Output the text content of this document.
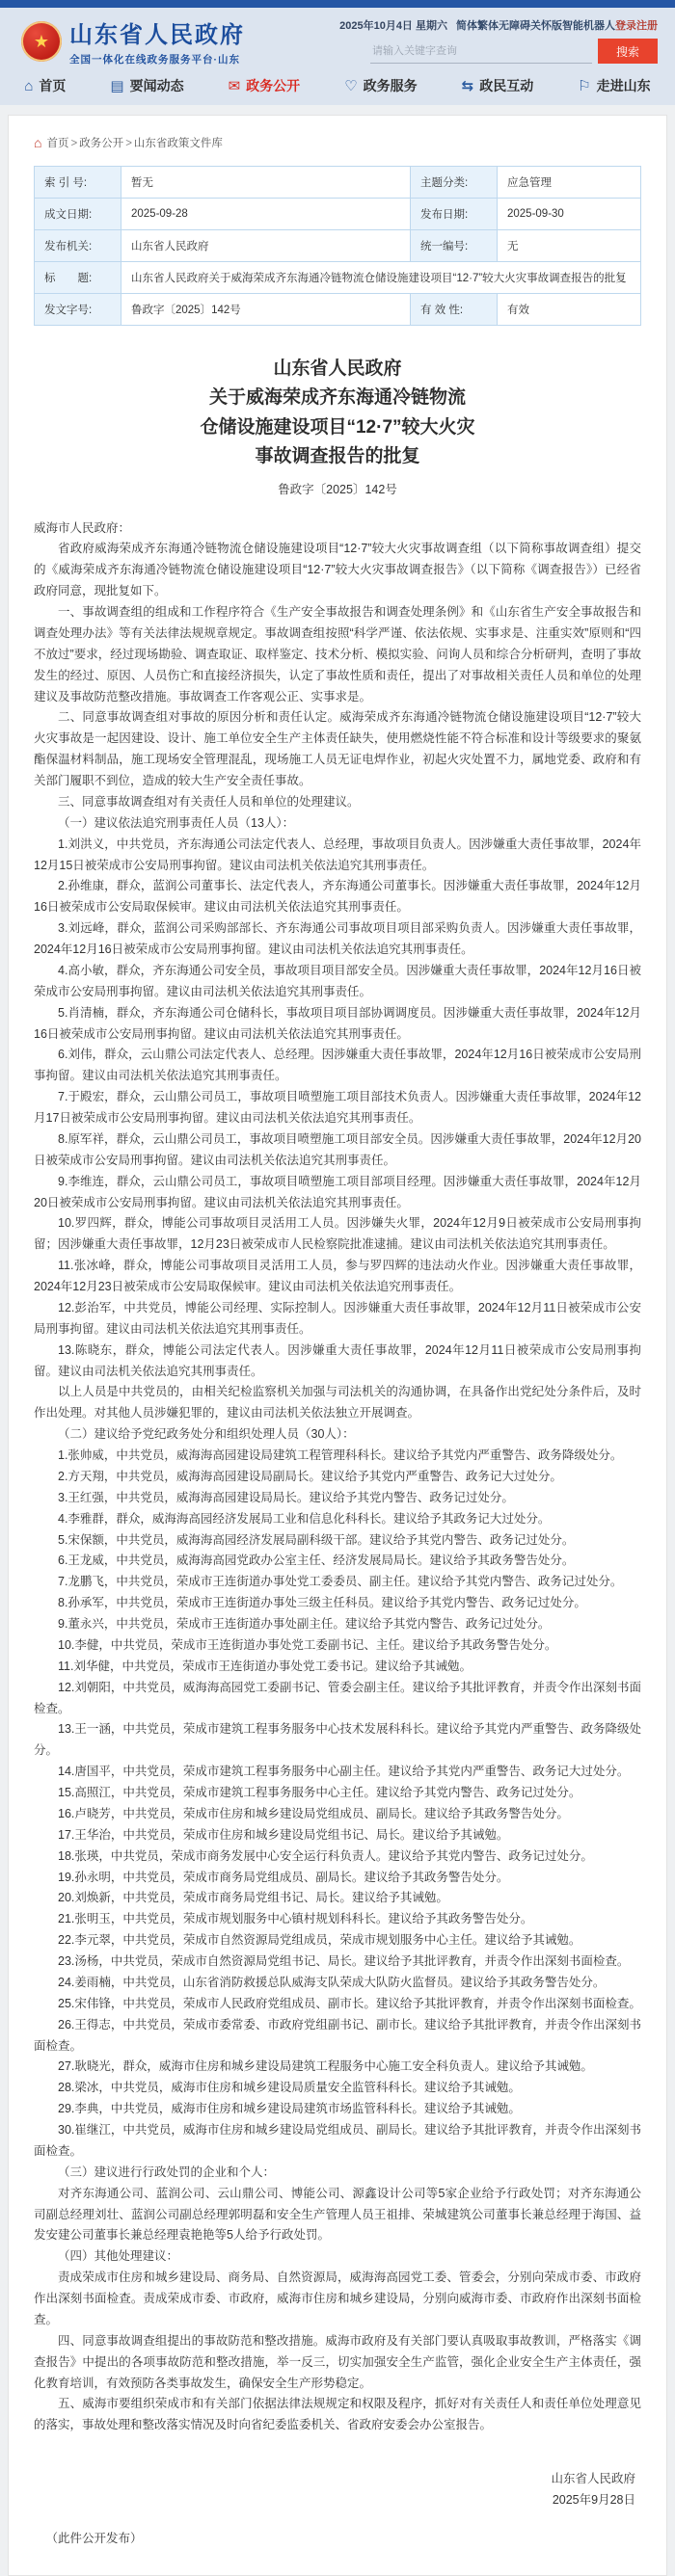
★ 山东省人民政府
全国一体化在线政务服务平台·山东
2025年10月4日 星期六 简体繁体无障碍关怀版智能机器人登录注册
请输入关键字查询
搜索
⌂ 首页	▤ 要闻动态	✉ 政务公开	♡ 政务服务	⇆ 政民互动	⚐ 走进山东
⌂ 首页 > 政务公开 > 山东省政策文件库
索 引 号:	暂无	主题分类:	应急管理
成文日期:	2025-09-28	发布日期:	2025-09-30
发布机关:	山东省人民政府	统一编号:	无
标　　题:	山东省人民政府关于威海荣成齐东海通冷链物流仓储设施建设项目“12·7”较大火灾事故调查报告的批复		
发文字号:	鲁政字〔2025〕142号	有 效 性:	有效
山东省人民政府
关于威海荣成齐东海通冷链物流
仓储设施建设项目“12·7”较大火灾
事故调查报告的批复
鲁政字〔2025〕142号

威海市人民政府：

省政府威海荣成齐东海通冷链物流仓储设施建设项目“12·7”较大火灾事故调查组（以下简称事故调查组）提交的《威海荣成齐东海通冷链物流仓储设施建设项目“12·7”较大火灾事故调查报告》（以下简称《调查报告》）已经省政府同意，现批复如下。

一、事故调查组的组成和工作程序符合《生产安全事故报告和调查处理条例》和《山东省生产安全事故报告和调查处理办法》等有关法律法规规章规定。事故调查组按照“科学严谨、依法依规、实事求是、注重实效”原则和“四不放过”要求，经过现场勘验、调查取证、取样鉴定、技术分析、模拟实验、问询人员和综合分析研判，查明了事故发生的经过、原因、人员伤亡和直接经济损失，认定了事故性质和责任，提出了对事故相关责任人员和单位的处理建议及事故防范整改措施。事故调查工作客观公正、实事求是。

二、同意事故调查组对事故的原因分析和责任认定。威海荣成齐东海通冷链物流仓储设施建设项目“12·7”较大火灾事故是一起因建设、设计、施工单位安全生产主体责任缺失，使用燃烧性能不符合标准和设计等级要求的聚氨酯保温材料制品，施工现场安全管理混乱，现场施工人员无证电焊作业，初起火灾处置不力，属地党委、政府和有关部门履职不到位，造成的较大生产安全责任事故。

三、同意事故调查组对有关责任人员和单位的处理建议。

（一）建议依法追究刑事责任人员（13人）：

1.刘洪义，中共党员，齐东海通公司法定代表人、总经理，事故项目负责人。因涉嫌重大责任事故罪，2024年12月15日被荣成市公安局刑事拘留。建议由司法机关依法追究其刑事责任。

2.孙维康，群众，蓝润公司董事长、法定代表人，齐东海通公司董事长。因涉嫌重大责任事故罪，2024年12月16日被荣成市公安局取保候审。建议由司法机关依法追究其刑事责任。

3.刘远峰，群众，蓝润公司采购部部长、齐东海通公司事故项目项目部采购负责人。因涉嫌重大责任事故罪，2024年12月16日被荣成市公安局刑事拘留。建议由司法机关依法追究其刑事责任。

4.高小敏，群众，齐东海通公司安全员，事故项目项目部安全员。因涉嫌重大责任事故罪，2024年12月16日被荣成市公安局刑事拘留。建议由司法机关依法追究其刑事责任。

5.肖清楠，群众，齐东海通公司仓储科长，事故项目项目部协调调度员。因涉嫌重大责任事故罪，2024年12月16日被荣成市公安局刑事拘留。建议由司法机关依法追究其刑事责任。

6.刘伟，群众，云山鼎公司法定代表人、总经理。因涉嫌重大责任事故罪，2024年12月16日被荣成市公安局刑事拘留。建议由司法机关依法追究其刑事责任。

7.于殿宏，群众，云山鼎公司员工，事故项目喷塑施工项目部技术负责人。因涉嫌重大责任事故罪，2024年12月17日被荣成市公安局刑事拘留。建议由司法机关依法追究其刑事责任。

8.原军祥，群众，云山鼎公司员工，事故项目喷塑施工项目部安全员。因涉嫌重大责任事故罪，2024年12月20日被荣成市公安局刑事拘留。建议由司法机关依法追究其刑事责任。

9.李维连，群众，云山鼎公司员工，事故项目喷塑施工项目部项目经理。因涉嫌重大责任事故罪，2024年12月20日被荣成市公安局刑事拘留。建议由司法机关依法追究其刑事责任。

10.罗四辉，群众，博能公司事故项目灵活用工人员。因涉嫌失火罪，2024年12月9日被荣成市公安局刑事拘留；因涉嫌重大责任事故罪，12月23日被荣成市人民检察院批准逮捕。建议由司法机关依法追究其刑事责任。

11.张冰峰，群众，博能公司事故项目灵活用工人员，参与罗四辉的违法动火作业。因涉嫌重大责任事故罪，2024年12月23日被荣成市公安局取保候审。建议由司法机关依法追究刑事责任。

12.彭治军，中共党员，博能公司经理、实际控制人。因涉嫌重大责任事故罪，2024年12月11日被荣成市公安局刑事拘留。建议由司法机关依法追究其刑事责任。

13.陈晓东，群众，博能公司法定代表人。因涉嫌重大责任事故罪，2024年12月11日被荣成市公安局刑事拘留。建议由司法机关依法追究其刑事责任。

以上人员是中共党员的，由相关纪检监察机关加强与司法机关的沟通协调，在具备作出党纪处分条件后，及时作出处理。对其他人员涉嫌犯罪的，建议由司法机关依法独立开展调查。

（二）建议给予党纪政务处分和组织处理人员（30人）：

1.张帅威，中共党员，威海海高园建设局建筑工程管理科科长。建议给予其党内严重警告、政务降级处分。

2.方天翔，中共党员，威海海高园建设局副局长。建议给予其党内严重警告、政务记大过处分。

3.王红强，中共党员，威海海高园建设局局长。建议给予其党内警告、政务记过处分。

4.李雅群，群众，威海海高园经济发展局工业和信息化科科长。建议给予其政务记大过处分。

5.宋保额，中共党员，威海海高园经济发展局副科级干部。建议给予其党内警告、政务记过处分。

6.王龙威，中共党员，威海海高园党政办公室主任、经济发展局局长。建议给予其政务警告处分。

7.龙鹏飞，中共党员，荣成市王连街道办事处党工委委员、副主任。建议给予其党内警告、政务记过处分。

8.孙承军，中共党员，荣成市王连街道办事处三级主任科员。建议给予其党内警告、政务记过处分。

9.董永兴，中共党员，荣成市王连街道办事处副主任。建议给予其党内警告、政务记过处分。

10.李健，中共党员，荣成市王连街道办事处党工委副书记、主任。建议给予其政务警告处分。

11.刘华健，中共党员，荣成市王连街道办事处党工委书记。建议给予其诫勉。

12.刘朝阳，中共党员，威海海高园党工委副书记、管委会副主任。建议给予其批评教育，并责令作出深刻书面检查。

13.王一涵，中共党员，荣成市建筑工程事务服务中心技术发展科科长。建议给予其党内严重警告、政务降级处分。

14.唐国平，中共党员，荣成市建筑工程事务服务中心副主任。建议给予其党内严重警告、政务记大过处分。

15.高照江，中共党员，荣成市建筑工程事务服务中心主任。建议给予其党内警告、政务记过处分。

16.卢晓芳，中共党员，荣成市住房和城乡建设局党组成员、副局长。建议给予其政务警告处分。

17.王华治，中共党员，荣成市住房和城乡建设局党组书记、局长。建议给予其诫勉。

18.张瑛，中共党员，荣成市商务发展中心安全运行科负责人。建议给予其党内警告、政务记过处分。

19.孙永明，中共党员，荣成市商务局党组成员、副局长。建议给予其政务警告处分。

20.刘焕新，中共党员，荣成市商务局党组书记、局长。建议给予其诫勉。

21.张明玉，中共党员，荣成市规划服务中心镇村规划科科长。建议给予其政务警告处分。

22.李元翠，中共党员，荣成市自然资源局党组成员，荣成市规划服务中心主任。建议给予其诫勉。

23.汤杨，中共党员，荣成市自然资源局党组书记、局长。建议给予其批评教育，并责令作出深刻书面检查。

24.姜雨楠，中共党员，山东省消防救援总队威海支队荣成大队防火监督员。建议给予其政务警告处分。

25.宋伟锋，中共党员，荣成市人民政府党组成员、副市长。建议给予其批评教育，并责令作出深刻书面检查。

26.王得志，中共党员，荣成市委常委、市政府党组副书记、副市长。建议给予其批评教育，并责令作出深刻书面检查。

27.耿晓光，群众，威海市住房和城乡建设局建筑工程服务中心施工安全科负责人。建议给予其诫勉。

28.梁冰，中共党员，威海市住房和城乡建设局质量安全监管科科长。建议给予其诫勉。

29.李典，中共党员，威海市住房和城乡建设局建筑市场监管科科长。建议给予其诫勉。

30.崔继江，中共党员，威海市住房和城乡建设局党组成员、副局长。建议给予其批评教育，并责令作出深刻书面检查。

（三）建议进行行政处罚的企业和个人：

对齐东海通公司、蓝润公司、云山鼎公司、博能公司、源鑫设计公司等5家企业给予行政处罚；对齐东海通公司副总经理刘壮、蓝润公司副总经理郭明磊和安全生产管理人员王祖排、荣城建筑公司董事长兼总经理于海国、益发安建公司董事长兼总经理袁艳艳等5人给予行政处罚。

（四）其他处理建议：

责成荣成市住房和城乡建设局、商务局、自然资源局，威海海高园党工委、管委会，分别向荣成市委、市政府作出深刻书面检查。责成荣成市委、市政府，威海市住房和城乡建设局，分别向威海市委、市政府作出深刻书面检查。

四、同意事故调查组提出的事故防范和整改措施。威海市政府及有关部门要认真吸取事故教训，严格落实《调查报告》中提出的各项事故防范和整改措施，举一反三，切实加强安全生产监管，强化企业安全生产主体责任，强化教育培训，有效预防各类事故发生，确保安全生产形势稳定。

五、威海市要组织荣成市和有关部门依据法律法规规定和权限及程序，抓好对有关责任人和责任单位处理意见的落实，事故处理和整改落实情况及时向省纪委监委机关、省政府安委会办公室报告。

山东省人民政府
2025年9月28日

（此件公开发布）
